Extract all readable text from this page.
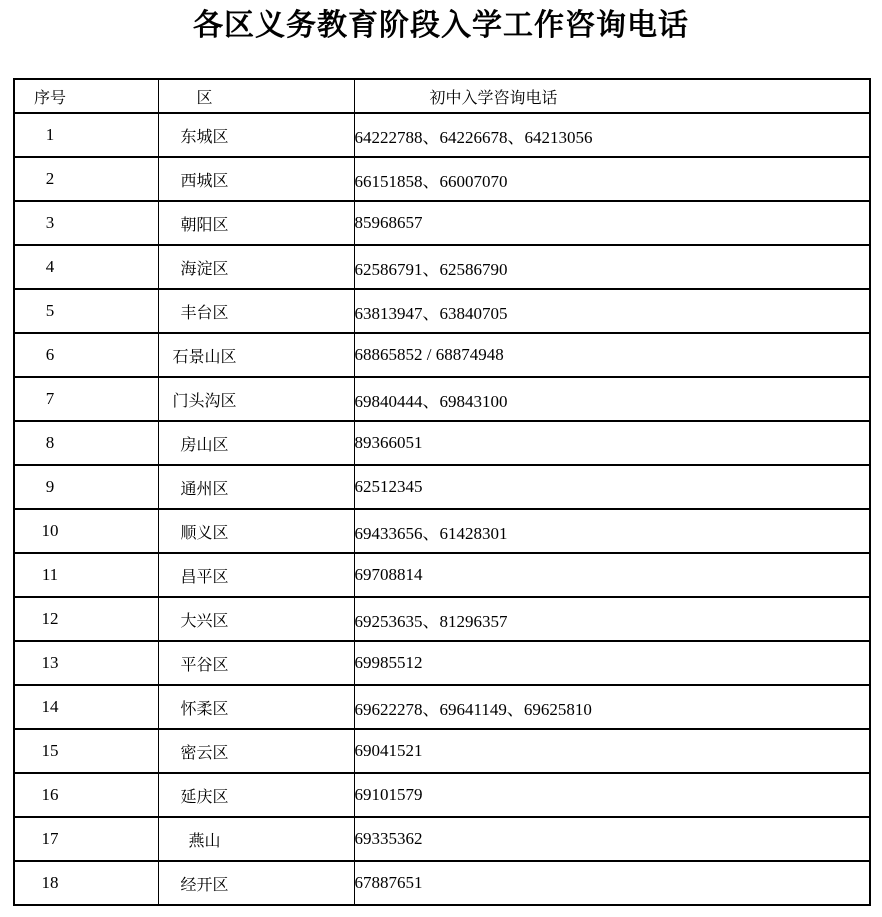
各区义务教育阶段入学工作咨询电话
序号	区	初中入学咨询电话
1	东城区	64222788、64226678、64213056
2	西城区	66151858、66007070
3	朝阳区	85968657
4	海淀区	62586791、62586790
5	丰台区	63813947、63840705
6	石景山区	68865852 / 68874948
7	门头沟区	69840444、69843100
8	房山区	89366051
9	通州区	62512345
10	顺义区	69433656、61428301
11	昌平区	69708814
12	大兴区	69253635、81296357
13	平谷区	69985512
14	怀柔区	69622278、69641149、69625810
15	密云区	69041521
16	延庆区	69101579
17	燕山	69335362
18	经开区	67887651
